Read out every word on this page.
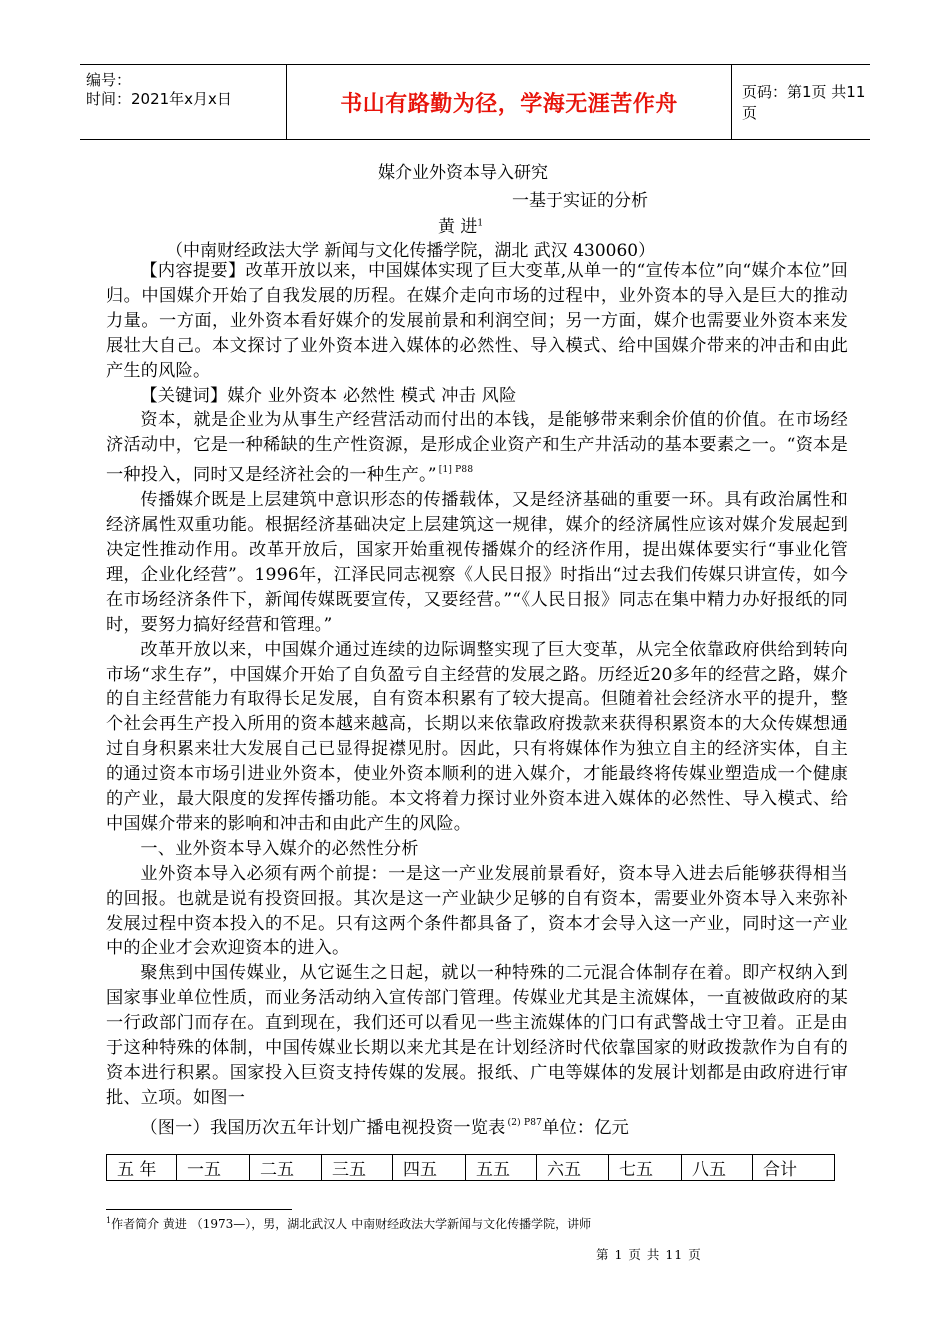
编号：
时间：2021年x月x日	书山有路勤为径，学海无涯苦作舟	页码：第1页 共11页
媒介业外资本导入研究
一基于实证的分析
黄 进$^1$
（中南财经政法大学 新闻与文化传播学院，湖北 武汉 430060）

【内容提要】改革开放以来，中国媒体实现了巨大变革,从单一的“宣传本位”向“媒介本位”回归。中国媒介开始了自我发展的历程。在媒介走向市场的过程中，业外资本的导入是巨大的推动力量。一方面，业外资本看好媒介的发展前景和利润空间；另一方面，媒介也需要业外资本来发展壮大自己。本文探讨了业外资本进入媒体的必然性、导入模式、给中国媒介带来的冲击和由此产生的风险。

【关键词】媒介 业外资本 必然性 模式 冲击 风险

资本，就是企业为从事生产经营活动而付出的本钱，是能够带来剩余价值的价值。在市场经济活动中，它是一种稀缺的生产性资源，是形成企业资产和生产井活动的基本要素之一。“资本是一种投入，同时又是经济社会的一种生产。” $^{[1] P88}$

传播媒介既是上层建筑中意识形态的传播载体，又是经济基础的重要一环。具有政治属性和经济属性双重功能。根据经济基础决定上层建筑这一规律，媒介的经济属性应该对媒介发展起到决定性推动作用。改革开放后，国家开始重视传播媒介的经济作用，提出媒体要实行“事业化管理，企业化经营”。1996年，江泽民同志视察《人民日报》时指出“过去我们传媒只讲宣传，如今在市场经济条件下，新闻传媒既要宣传，又要经营。”“《人民日报》同志在集中精力办好报纸的同时，要努力搞好经营和管理。”

改革开放以来，中国媒介通过连续的边际调整实现了巨大变革，从完全依靠政府供给到转向市场“求生存”，中国媒介开始了自负盈亏自主经营的发展之路。历经近20多年的经营之路，媒介的自主经营能力有取得长足发展，自有资本积累有了较大提高。但随着社会经济水平的提升，整个社会再生产投入所用的资本越来越高，长期以来依靠政府拨款来获得积累资本的大众传媒想通过自身积累来壮大发展自己已显得捉襟见肘。因此，只有将媒体作为独立自主的经济实体，自主的通过资本市场引进业外资本，使业外资本顺利的进入媒介，才能最终将传媒业塑造成一个健康的产业，最大限度的发挥传播功能。本文将着力探讨业外资本进入媒体的必然性、导入模式、给中国媒介带来的影响和冲击和由此产生的风险。

一、业外资本导入媒介的必然性分析

业外资本导入必须有两个前提：一是这一产业发展前景看好，资本导入进去后能够获得相当的回报。也就是说有投资回报。其次是这一产业缺少足够的自有资本，需要业外资本导入来弥补发展过程中资本投入的不足。只有这两个条件都具备了，资本才会导入这一产业，同时这一产业中的企业才会欢迎资本的进入。

聚焦到中国传媒业，从它诞生之日起，就以一种特殊的二元混合体制存在着。即产权纳入到国家事业单位性质，而业务活动纳入宣传部门管理。传媒业尤其是主流媒体，一直被做政府的某一行政部门而存在。直到现在，我们还可以看见一些主流媒体的门口有武警战士守卫着。正是由于这种特殊的体制，中国传媒业长期以来尤其是在计划经济时代依靠国家的财政拨款作为自有的资本进行积累。国家投入巨资支持传媒的发展。报纸、广电等媒体的发展计划都是由政府进行审批、立项。如图一

（图一）我国历次五年计划广播电视投资一览表 $^{(2) P87}$单位：亿元

五 年	一五	二五	三五	四五	五五	六五	七五	八五	合计
$^1$作者简介 黄进 （1973—），男，湖北武汉人 中南财经政法大学新闻与文化传播学院，讲师
第 1 页 共 11 页
